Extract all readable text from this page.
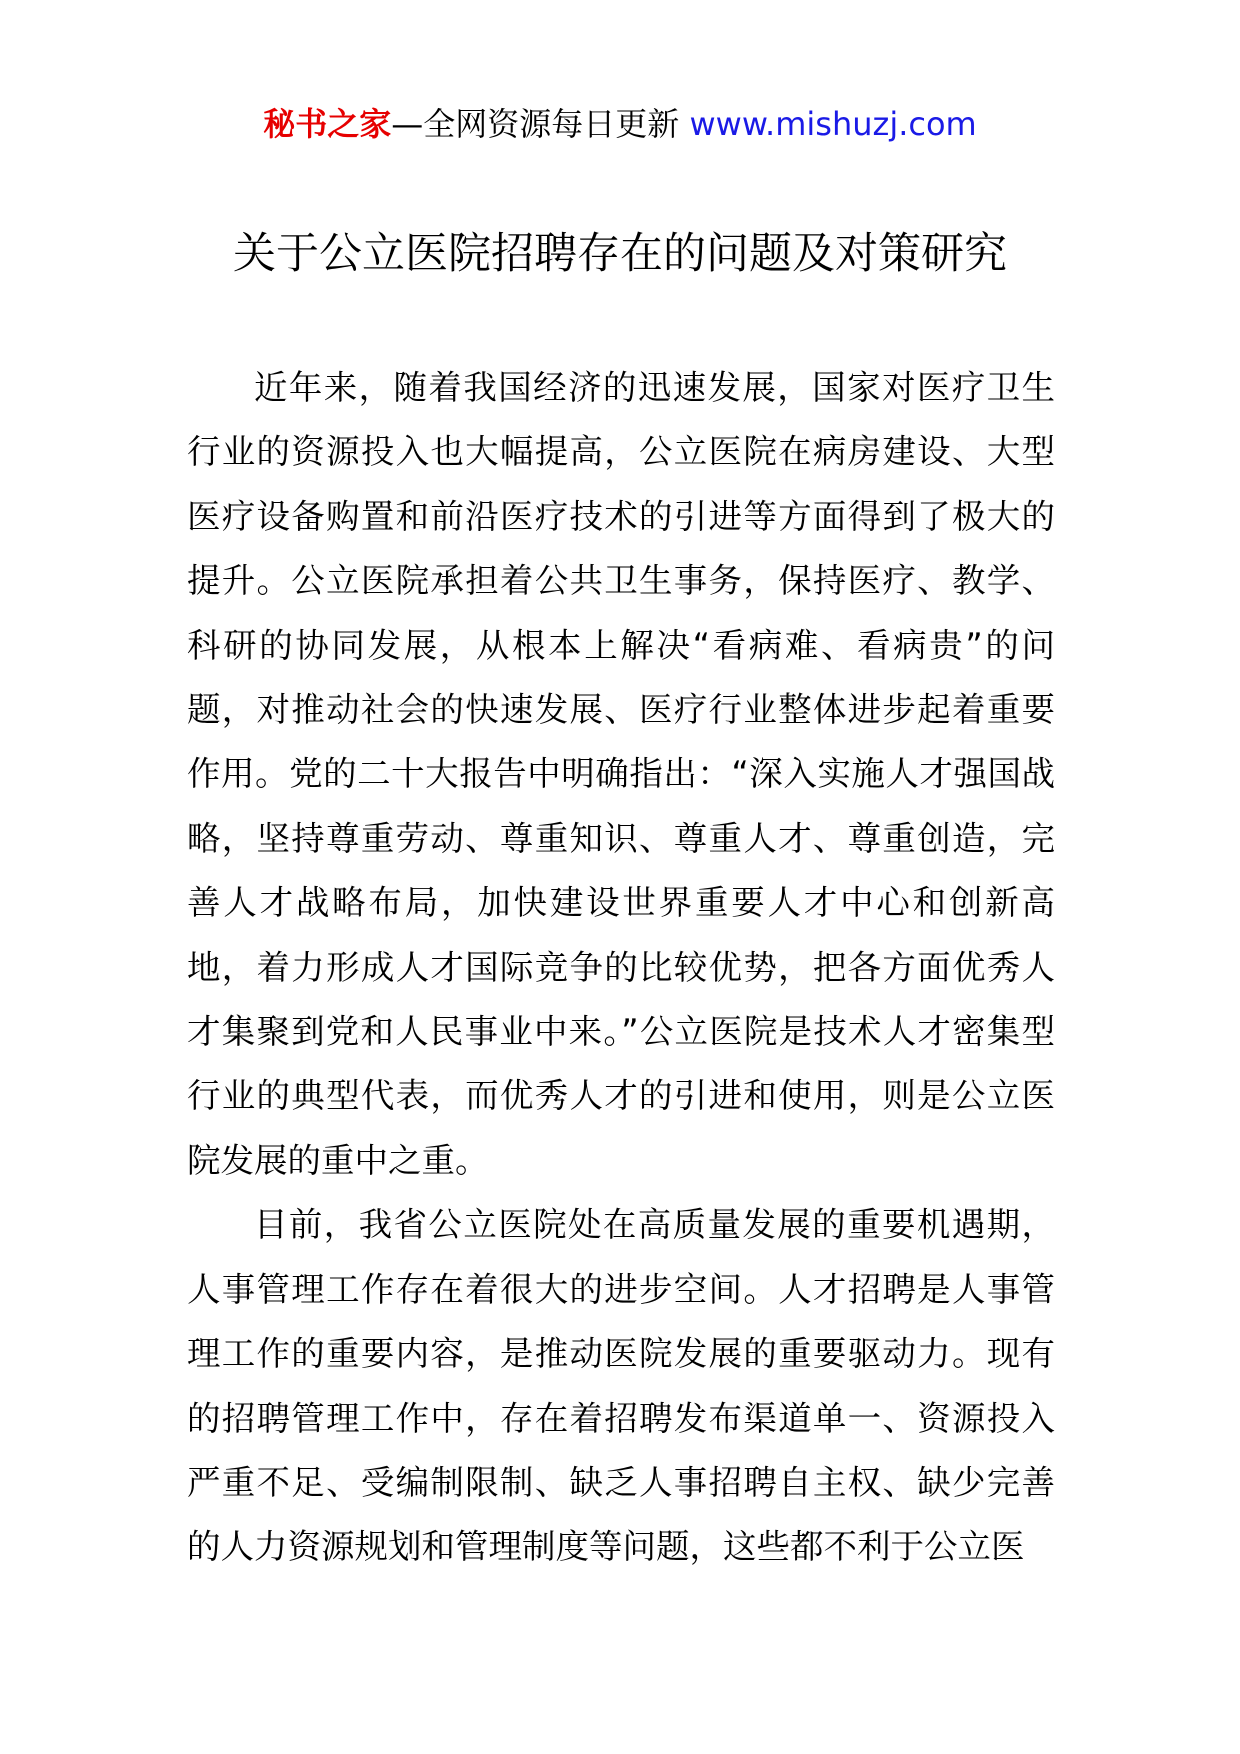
秘书之家—全网资源每日更新 www.mishuzj.com
关于公立医院招聘存在的问题及对策研究

近年来，随着我国经济的迅速发展，国家对医疗卫生行业的资源投入也大幅提高，公立医院在病房建设、大型医疗设备购置和前沿医疗技术的引进等方面得到了极大的提升。公立医院承担着公共卫生事务，保持医疗、教学、科研的协同发展，从根本上解决“看病难、看病贵”的问题，对推动社会的快速发展、医疗行业整体进步起着重要作用。党的二十大报告中明确指出：“深入实施人才强国战略，坚持尊重劳动、尊重知识、尊重人才、尊重创造，完善人才战略布局，加快建设世界重要人才中心和创新高地，着力形成人才国际竞争的比较优势，把各方面优秀人才集聚到党和人民事业中来。”公立医院是技术人才密集型行业的典型代表，而优秀人才的引进和使用，则是公立医院发展的重中之重。

目前，我省公立医院处在高质量发展的重要机遇期，人事管理工作存在着很大的进步空间。人才招聘是人事管理工作的重要内容，是推动医院发展的重要驱动力。现有的招聘管理工作中，存在着招聘发布渠道单一、资源投入严重不足、受编制限制、缺乏人事招聘自主权、缺少完善的人力资源规划和管理制度等问题，这些都不利于公立医
